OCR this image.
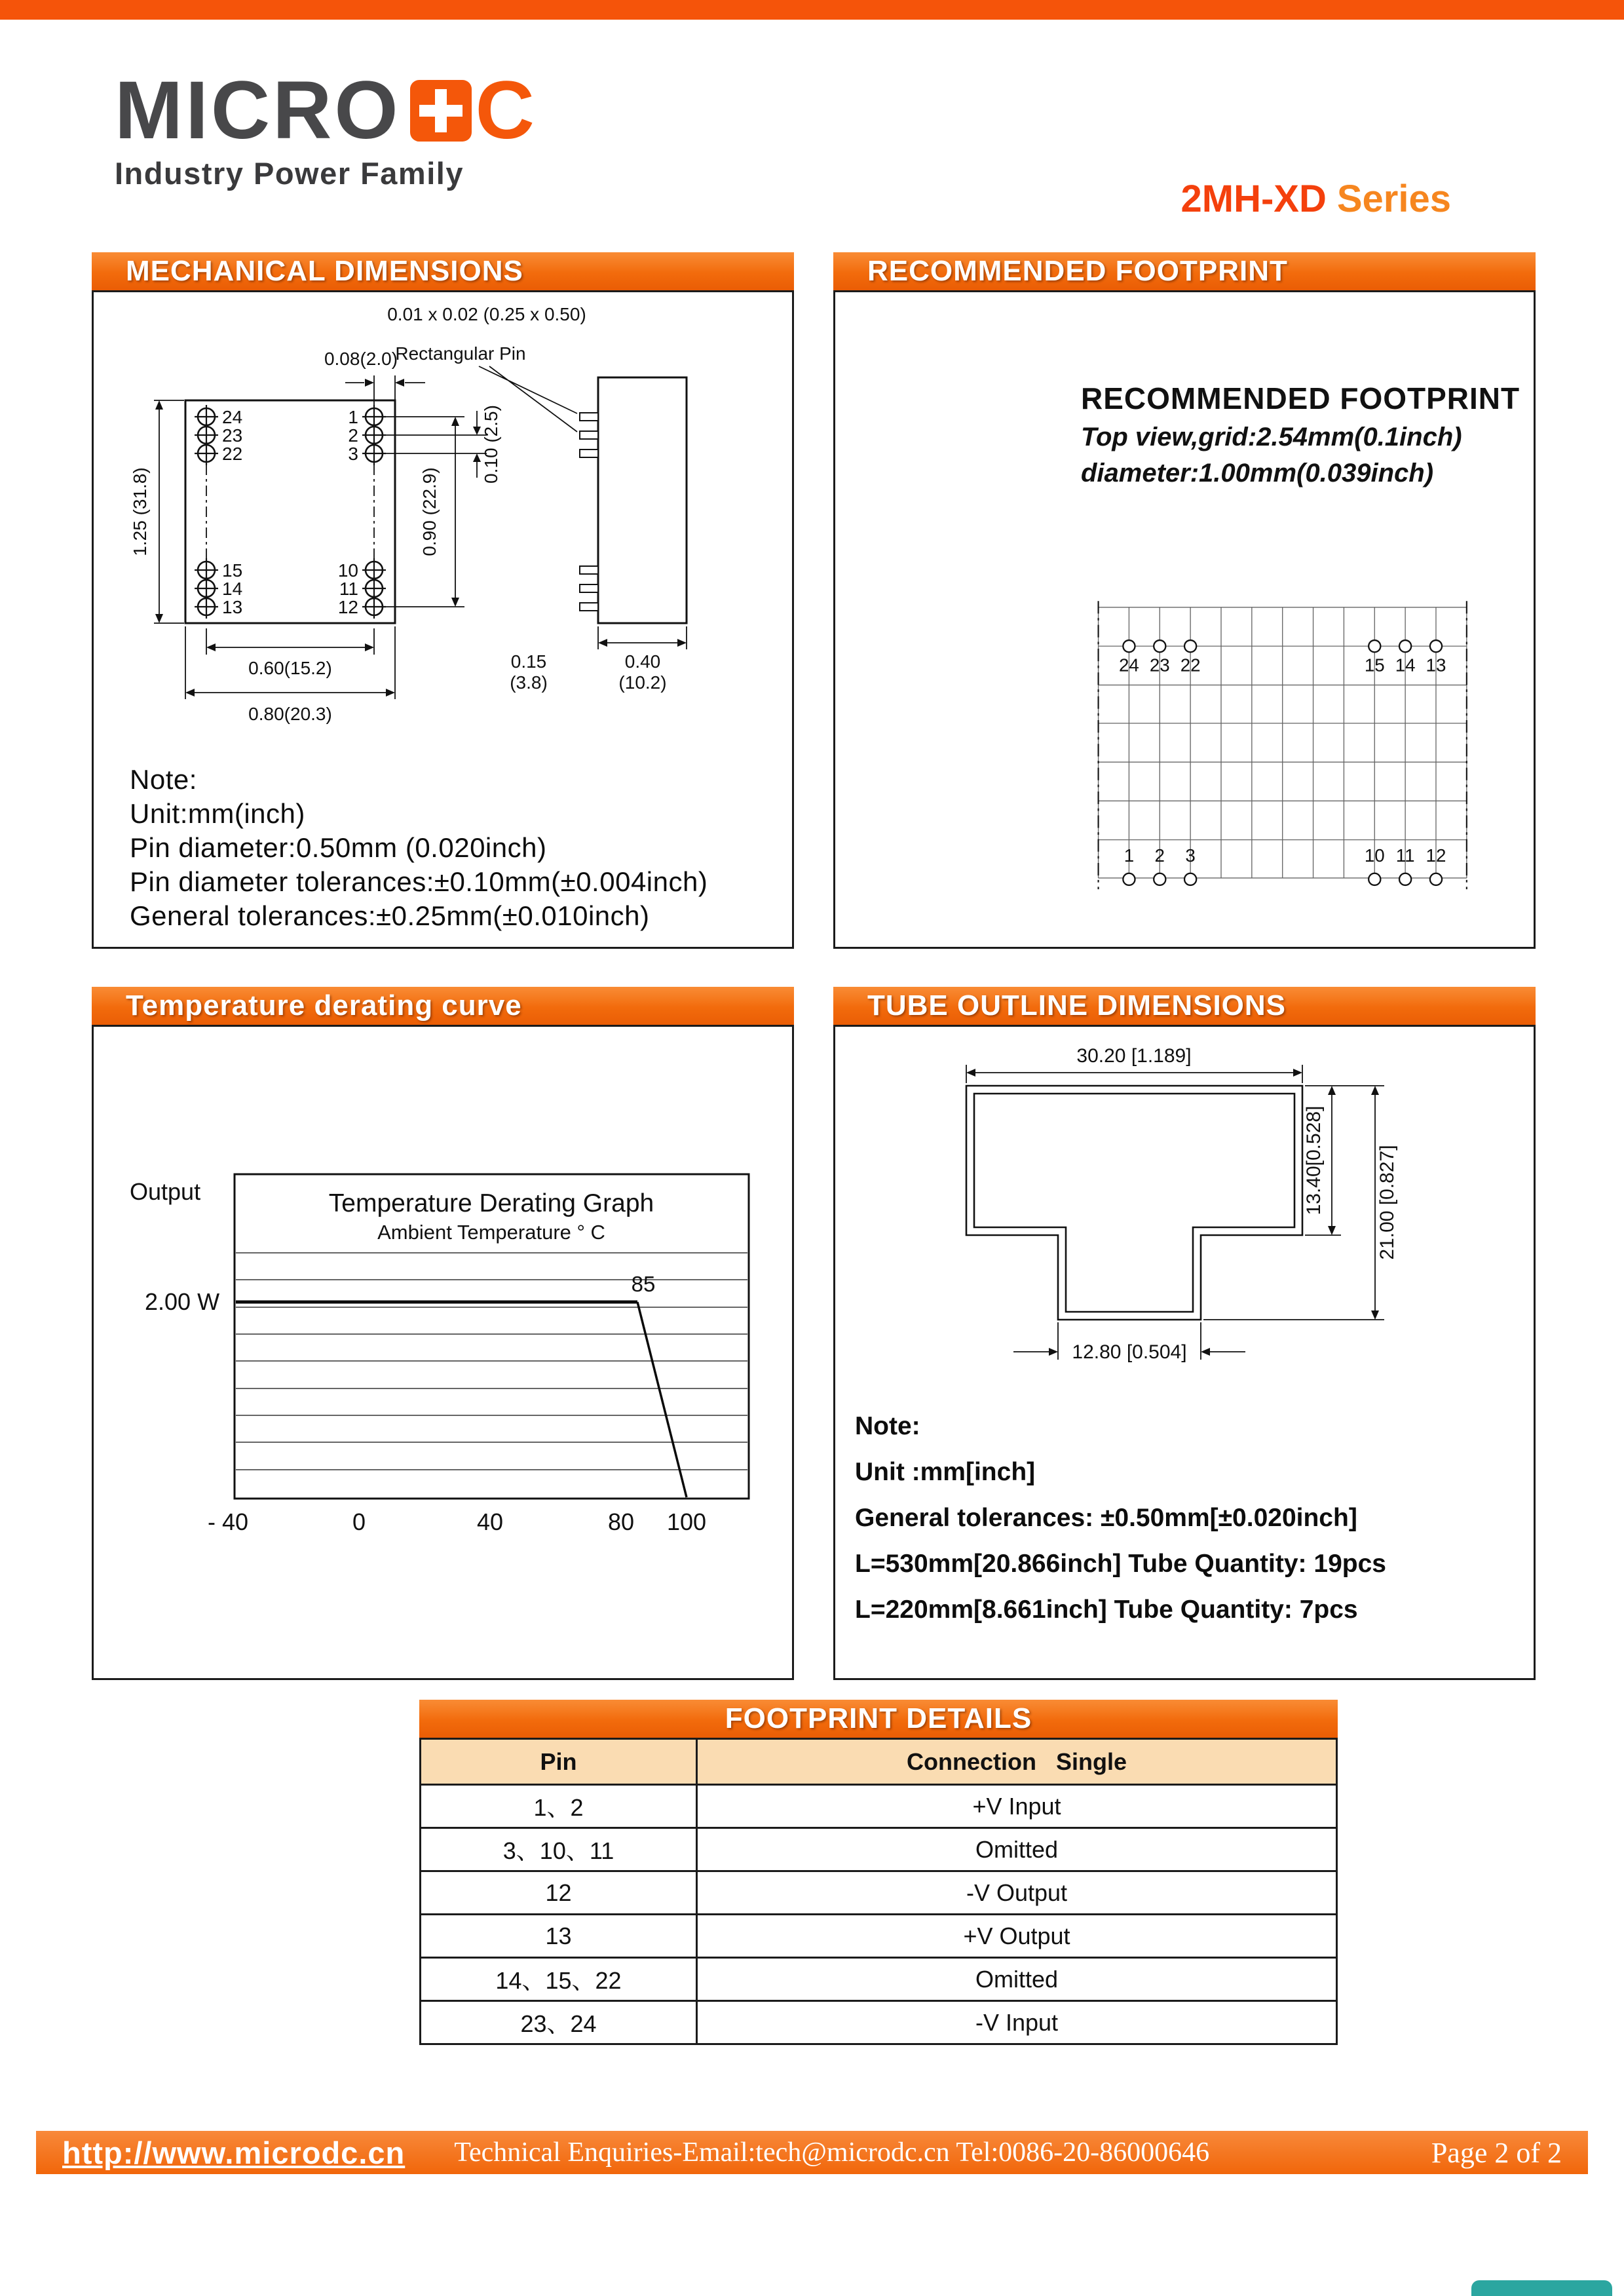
MICRO C
Industry Power Family
2MH-XD Series
MECHANICAL DIMENSIONS
24
23
22
1
2
3
15
14
13
10
11
12
0.01 x 0.02 (0.25 x 0.50)
Rectangular Pin
0.08(2.0)
1.25 (31.8)	0.90 (22.9)
0.10 (2.5)
0.60(15.2)
0.80(20.3)
0.15
(3.8)
0.40
(10.2)
Note:
Unit:mm(inch)
Pin diameter:0.50mm (0.020inch)
Pin diameter tolerances:±0.10mm(±0.004inch)
General tolerances:±0.25mm(±0.010inch)
RECOMMENDED FOOTPRINT
RECOMMENDED FOOTPRINT
Top view,grid:2.54mm(0.1inch)
diameter:1.00mm(0.039inch)
24 23 22	15 14 13
1 2 3	10 11 12
Temperature derating curve
Output
2.00 W
Temperature Derating Graph
Ambient Temperature ° C
85
- 40	0	40	80 100
TUBE OUTLINE DIMENSIONS
30.20 [1.189]
13.40[0.528]	21.00 [0.827]
12.80 [0.504]
Note:
Unit :mm[inch]
General tolerances: ±0.50mm[±0.020inch]
L=530mm[20.866inch] Tube Quantity: 19pcs
L=220mm[8.661inch] Tube Quantity: 7pcs
FOOTPRINT DETAILS
Pin	Connection   Single
1、2	+V Input
3、10、11	Omitted
12	-V Output
13	+V Output
14、15、22	Omitted
23、24	-V Input
http://www.microdc.cn Technical Enquiries-Email:tech@microdc.cn Tel:0086-20-86000646	Page 2 of 2
